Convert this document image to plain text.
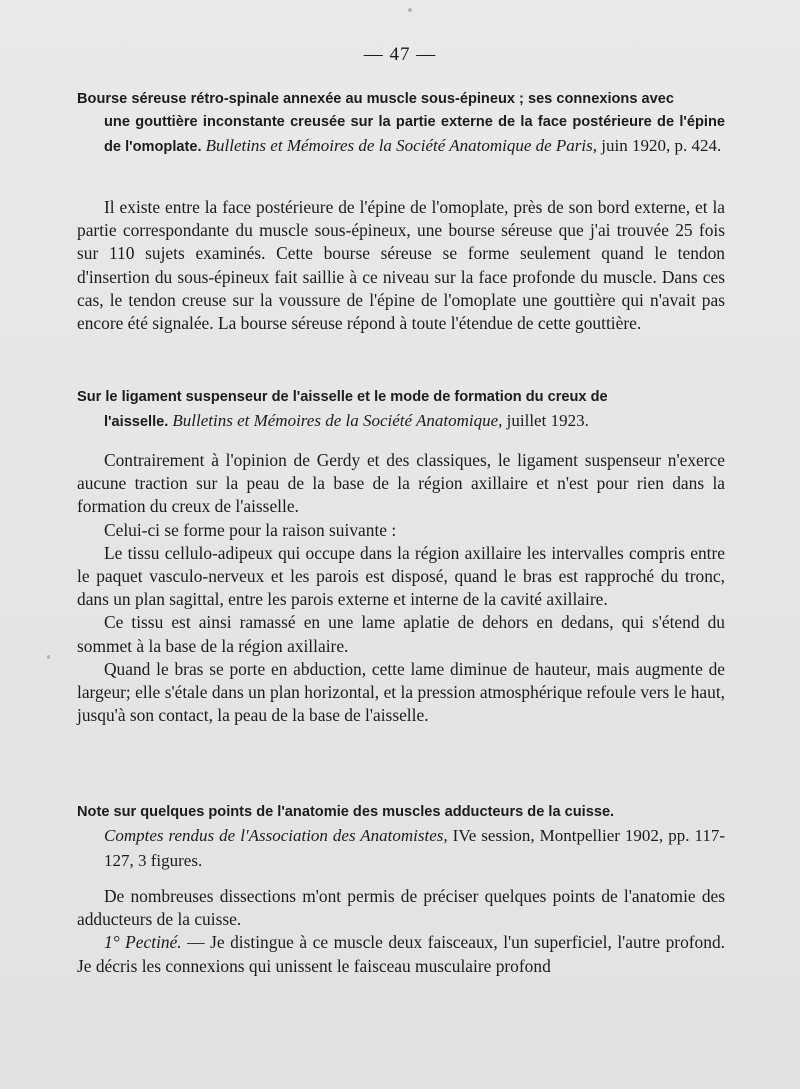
— 47 —

Bourse séreuse rétro-spinale annexée au muscle sous-épineux ; ses connexions avec
une gouttière inconstante creusée sur la partie externe de la face postérieure de l'épine de l'omoplate. Bulletins et Mémoires de la Société Anatomique de Paris, juin 1920, p. 424.

Il existe entre la face postérieure de l'épine de l'omoplate, près de son bord externe, et la partie correspondante du muscle sous-épineux, une bourse séreuse que j'ai trouvée 25 fois sur 110 sujets examinés. Cette bourse séreuse se forme seulement quand le tendon d'insertion du sous-épineux fait saillie à ce niveau sur la face profonde du muscle. Dans ces cas, le tendon creuse sur la voussure de l'épine de l'omoplate une gouttière qui n'avait pas encore été signalée. La bourse séreuse répond à toute l'étendue de cette gouttière.

Sur le ligament suspenseur de l'aisselle et le mode de formation du creux de
l'aisselle. Bulletins et Mémoires de la Société Anatomique, juillet 1923.

Contrairement à l'opinion de Gerdy et des classiques, le ligament suspenseur n'exerce aucune traction sur la peau de la base de la région axillaire et n'est pour rien dans la formation du creux de l'aisselle.

Celui-ci se forme pour la raison suivante :

Le tissu cellulo-adipeux qui occupe dans la région axillaire les intervalles compris entre le paquet vasculo-nerveux et les parois est disposé, quand le bras est rapproché du tronc, dans un plan sagittal, entre les parois externe et interne de la cavité axillaire.

Ce tissu est ainsi ramassé en une lame aplatie de dehors en dedans, qui s'étend du sommet à la base de la région axillaire.

Quand le bras se porte en abduction, cette lame diminue de hauteur, mais augmente de largeur; elle s'étale dans un plan horizontal, et la pression atmosphérique refoule vers le haut, jusqu'à son contact, la peau de la base de l'aisselle.

Note sur quelques points de l'anatomie des muscles adducteurs de la cuisse.
Comptes rendus de l'Association des Anatomistes, IVe session, Montpellier 1902, pp. 117-127, 3 figures.

De nombreuses dissections m'ont permis de préciser quelques points de l'anatomie des adducteurs de la cuisse.

1° Pectiné. — Je distingue à ce muscle deux faisceaux, l'un superficiel, l'autre profond. Je décris les connexions qui unissent le faisceau musculaire profond
